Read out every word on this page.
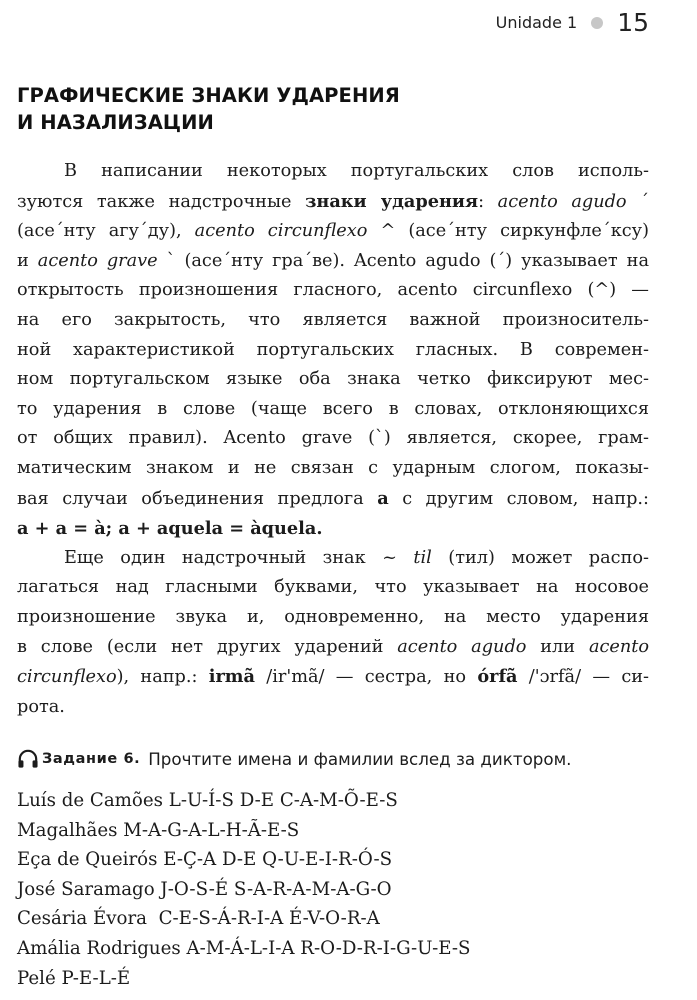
Unidade 1 15
ГРАФИЧЕСКИЕ ЗНАКИ УДАРЕНИЯ
И НАЗАЛИЗАЦИИ
В написании некоторых португальских слов исполь-
зуются также надстрочные знаки ударения: acento agudo ´
(асе´нту агу´ду), acento circunflexo ^ (асе´нту сиркунфле´ксу)
и acento grave ` (асе´нту гра´ве). Acento agudo (´) указывает на
открытость произношения гласного, acento circunflexo (^) —
на его закрытость, что является важной произноситель-
ной характеристикой португальских гласных. В современ-
ном португальском языке оба знака четко фиксируют мес-
то ударения в слове (чаще всего в словах, отклоняющихся
от общих правил). Acento grave (`) является, скорее, грам-
матическим знаком и не связан с ударным слогом, показы-
вая случаи объединения предлога a с другим словом, напр.:
a + a = à; a + aquela = àquela.
Еще один надстрочный знак ~ til (тил) может распо-
лагаться над гласными буквами, что указывает на носовое
произношение звука и, одновременно, на место ударения
в слове (если нет других ударений acento agudo или acento
circunflexo), напр.: irmã /ir'mã/ — сестра, но órfã /'ɔrfã/ — си-
рота.
Задание 6. Прочтите имена и фамилии вслед за диктором.
Luís de Camões L-U-Í-S D-E C-A-M-Õ-E-S
Magalhães M-A-G-A-L-H-Ã-E-S
Eça de Queirós E-Ç-A D-E Q-U-E-I-R-Ó-S
José Saramago J-O-S-É S-A-R-A-M-A-G-O
Cesária Évora  C-E-S-Á-R-I-A É-V-O-R-A
Amália Rodrigues A-M-Á-L-I-A R-O-D-R-I-G-U-E-S
Pelé P-E-L-É
